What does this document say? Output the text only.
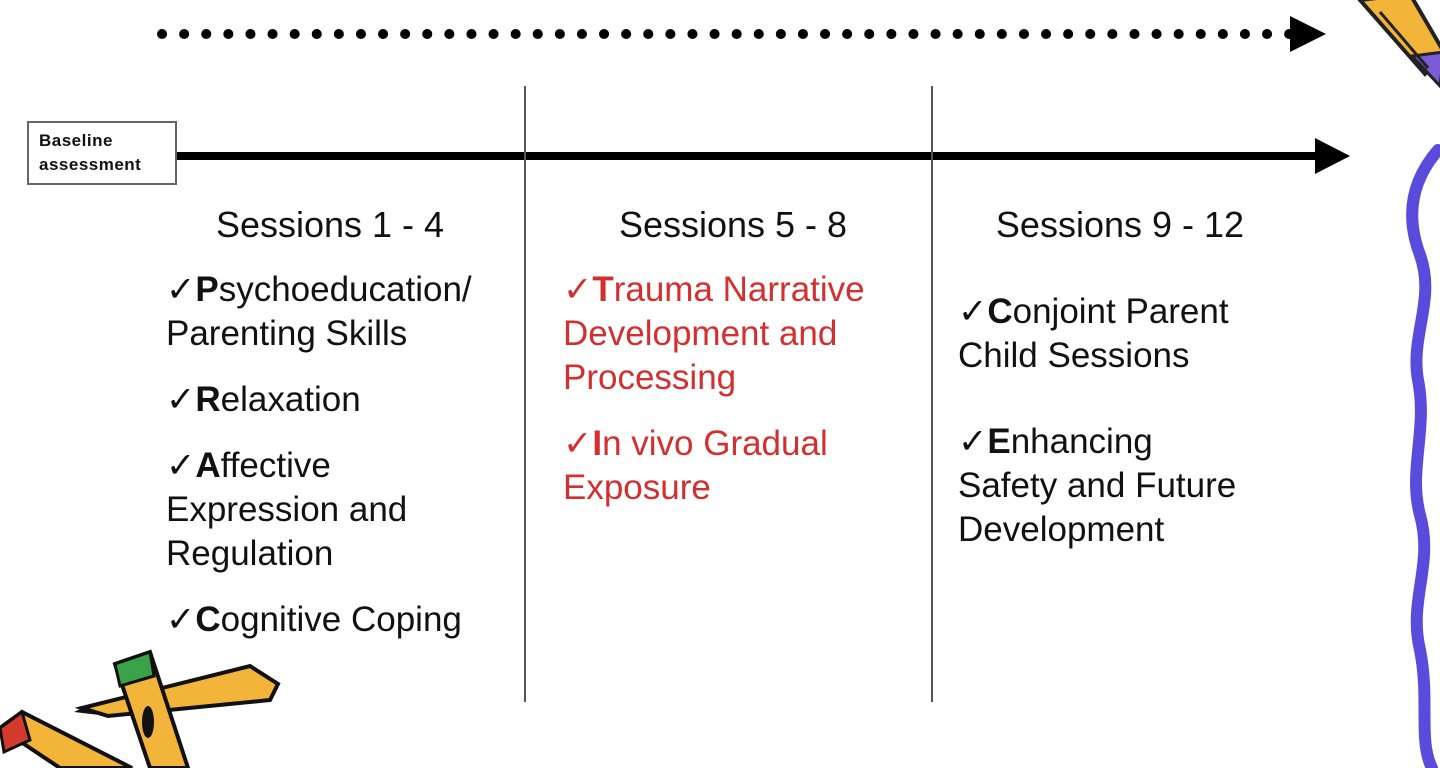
Baseline
assessment
Sessions 1 - 4
✓Psychoeducation/ Parenting Skills
✓Relaxation
✓Affective Expression and Regulation
✓Cognitive Coping
Sessions 5 - 8
✓Trauma Narrative Development and Processing
✓In vivo Gradual Exposure
Sessions 9 - 12
✓Conjoint Parent Child Sessions
✓Enhancing Safety and Future Development
